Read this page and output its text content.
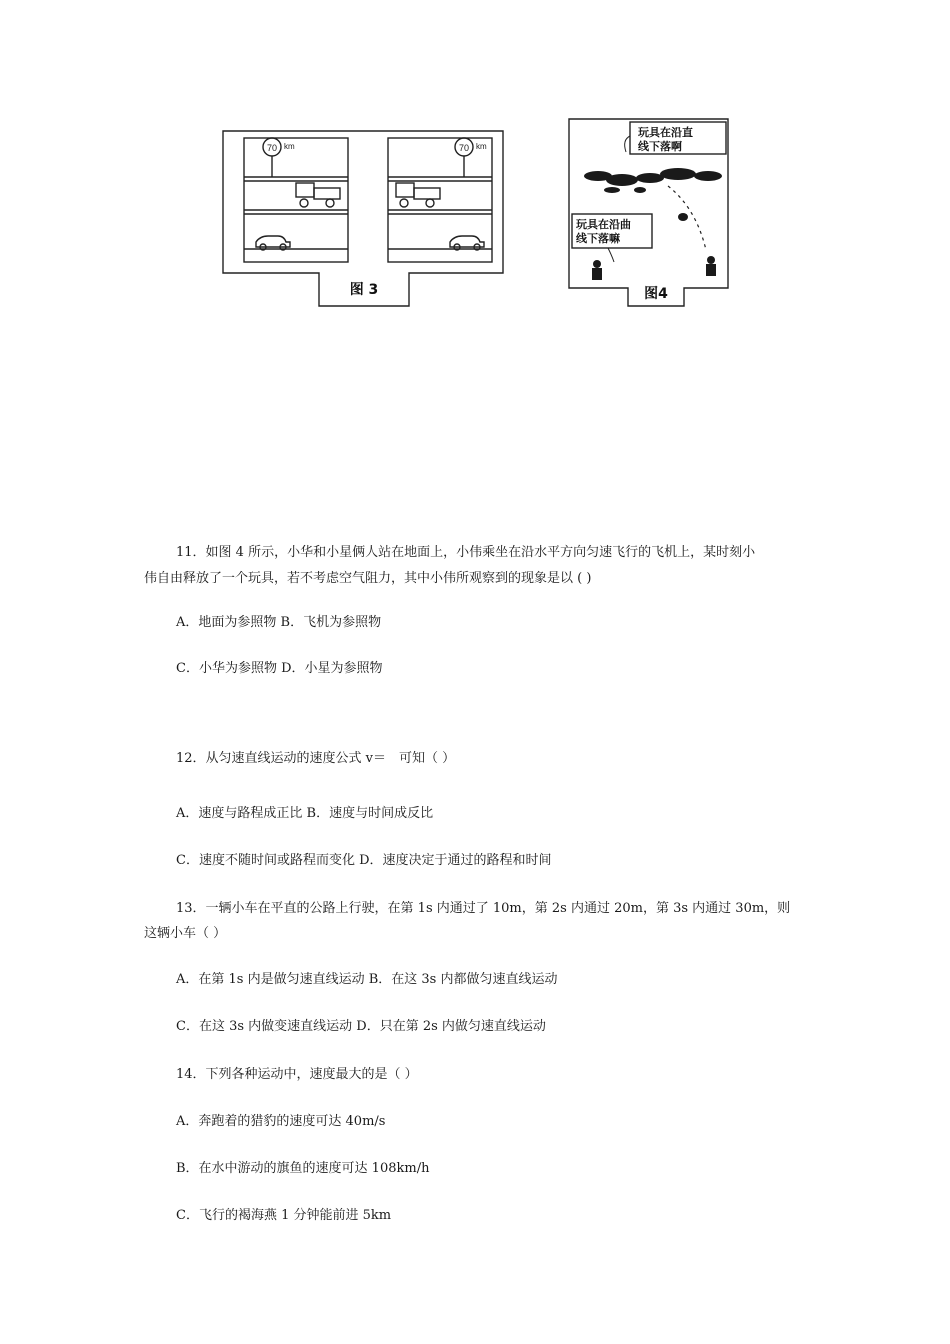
70 km	70 km
图 3
玩具在沿直
线下落啊
玩具在沿曲
线下落嘛
图4
11．如图 4 所示，小华和小星俩人站在地面上，小伟乘坐在沿水平方向匀速飞行的飞机上，某时刻小
伟自由释放了一个玩具，若不考虑空气阻力，其中小伟所观察到的现象是以 ( )
A．地面为参照物 B．飞机为参照物
C．小华为参照物 D．小星为参照物
12．从匀速直线运动的速度公式 v＝　可知（ ）
A．速度与路程成正比 B．速度与时间成反比
C．速度不随时间或路程而变化 D．速度决定于通过的路程和时间
13．一辆小车在平直的公路上行驶，在第 1s 内通过了 10m，第 2s 内通过 20m，第 3s 内通过 30m，则
这辆小车（ ）
A．在第 1s 内是做匀速直线运动 B．在这 3s 内都做匀速直线运动
C．在这 3s 内做变速直线运动 D．只在第 2s 内做匀速直线运动
14．下列各种运动中，速度最大的是（ ）
A．奔跑着的猎豹的速度可达 40m/s
B．在水中游动的旗鱼的速度可达 108km/h
C．飞行的褐海燕 1 分钟能前进 5km
